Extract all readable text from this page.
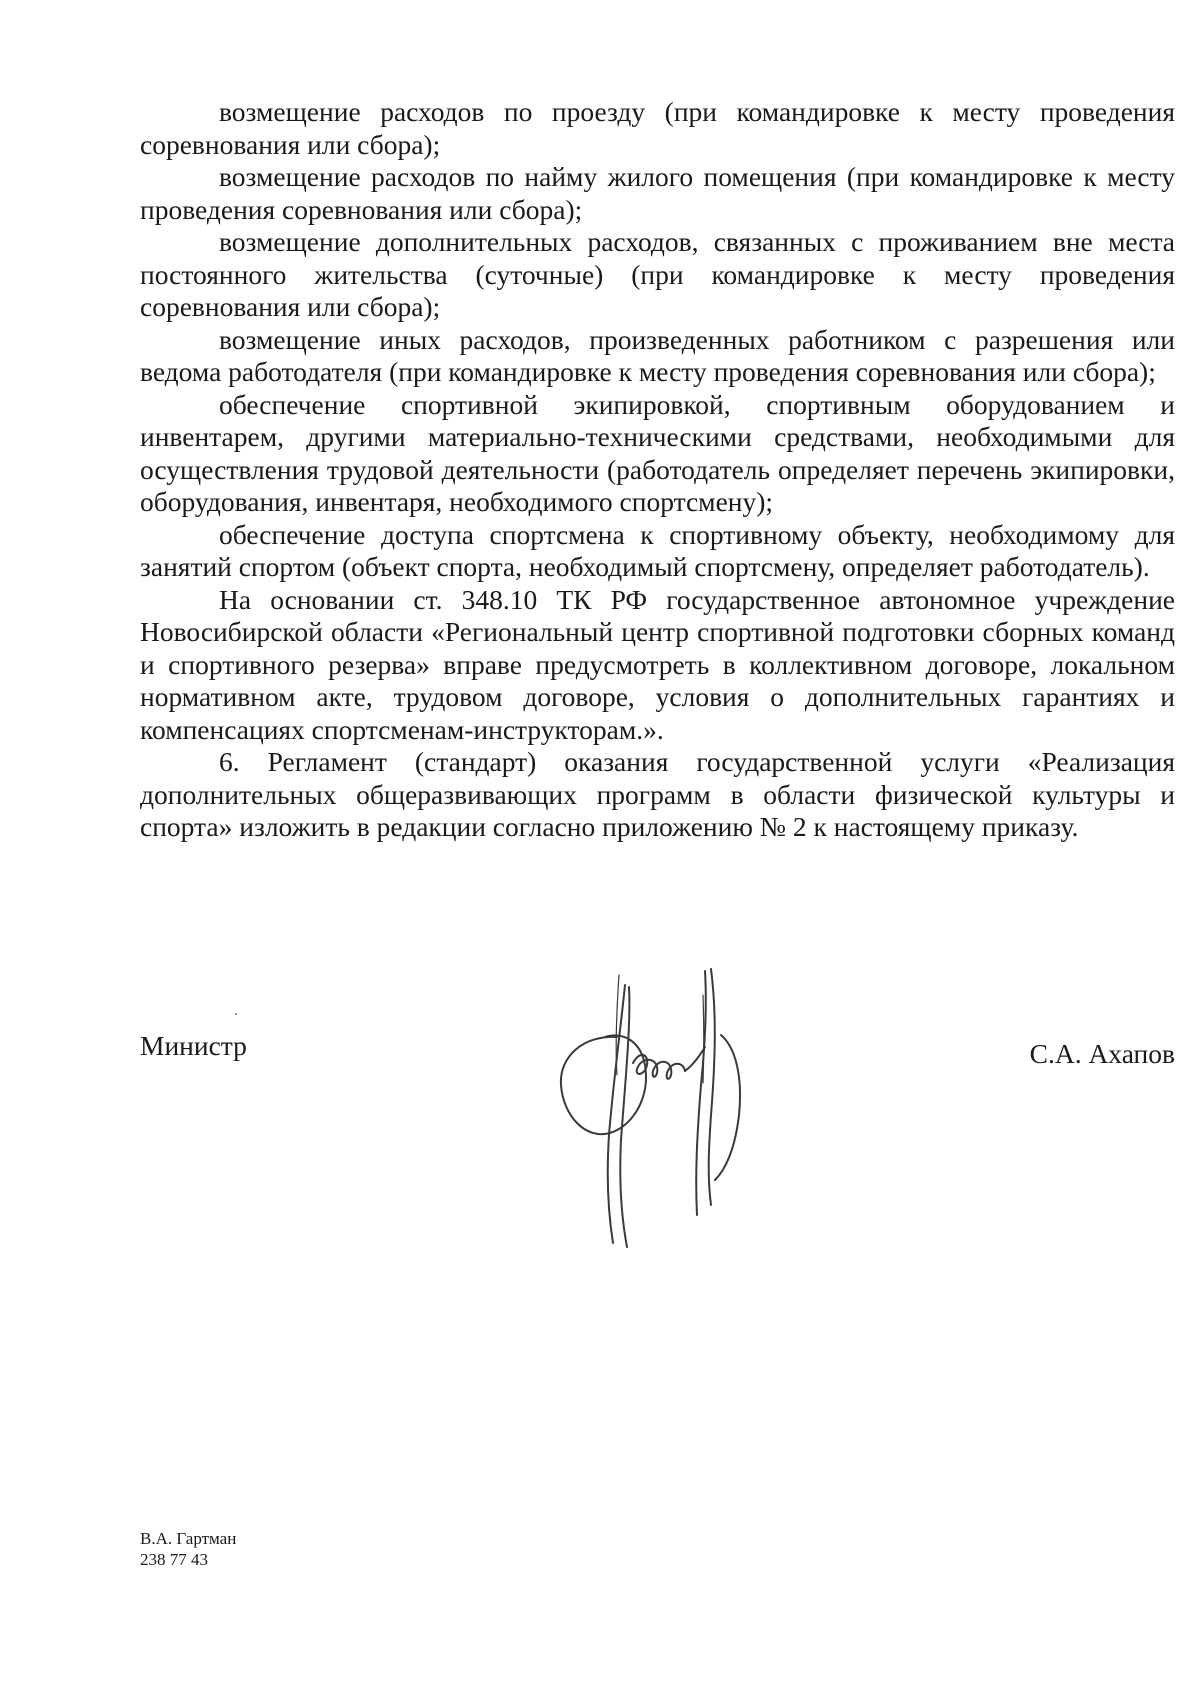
возмещение расходов по проезду (при командировке к месту проведения соревнования или сбора);

возмещение расходов по найму жилого помещения (при командировке к месту проведения соревнования или сбора);

возмещение дополнительных расходов, связанных с проживанием вне места постоянного жительства (суточные) (при командировке к месту проведения соревнования или сбора);

возмещение иных расходов, произведенных работником с разрешения или ведома работодателя (при командировке к месту проведения соревнования или сбора);

обеспечение спортивной экипировкой, спортивным оборудованием и инвентарем, другими материально-техническими средствами, необходимыми для осуществления трудовой деятельности (работодатель определяет перечень экипировки, оборудования, инвентаря, необходимого спортсмену);

обеспечение доступа спортсмена к спортивному объекту, необходимому для занятий спортом (объект спорта, необходимый спортсмену, определяет работодатель).

На основании ст. 348.10 ТК РФ государственное автономное учреждение Новосибирской области «Региональный центр спортивной подготовки сборных команд и спортивного резерва» вправе предусмотреть в коллективном договоре, локальном нормативном акте, трудовом договоре, условия о дополнительных гарантиях и компенсациях спортсменам-инструкторам.».

6. Регламент (стандарт) оказания государственной услуги «Реализация дополнительных общеразвивающих программ в области физической культуры и спорта» изложить в редакции согласно приложению № 2 к настоящему приказу.

Министр	С.А. Ахапов
В.А. Гартман
238 77 43
